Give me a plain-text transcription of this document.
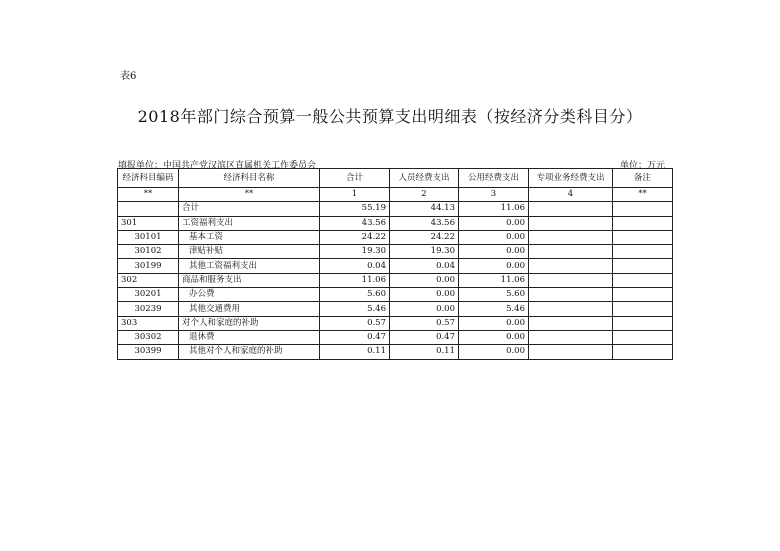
表6
2018年部门综合预算一般公共预算支出明细表（按经济分类科目分）
填报单位：中国共产党汉滨区直属机关工作委员会	单位：万元
经济科目编码	经济科目名称	合计	人员经费支出	公用经费支出	专项业务经费支出	备注
**	**	1	2	3	4	**
	合计	55.19	44.13	11.06		
301	工资福利支出	43.56	43.56	0.00		
30101	基本工资	24.22	24.22	0.00		
30102	津贴补贴	19.30	19.30	0.00		
30199	其他工资福利支出	0.04	0.04	0.00		
302	商品和服务支出	11.06	0.00	11.06		
30201	办公费	5.60	0.00	5.60		
30239	其他交通费用	5.46	0.00	5.46		
303	对个人和家庭的补助	0.57	0.57	0.00		
30302	退休费	0.47	0.47	0.00		
30399	其他对个人和家庭的补助	0.11	0.11	0.00		
